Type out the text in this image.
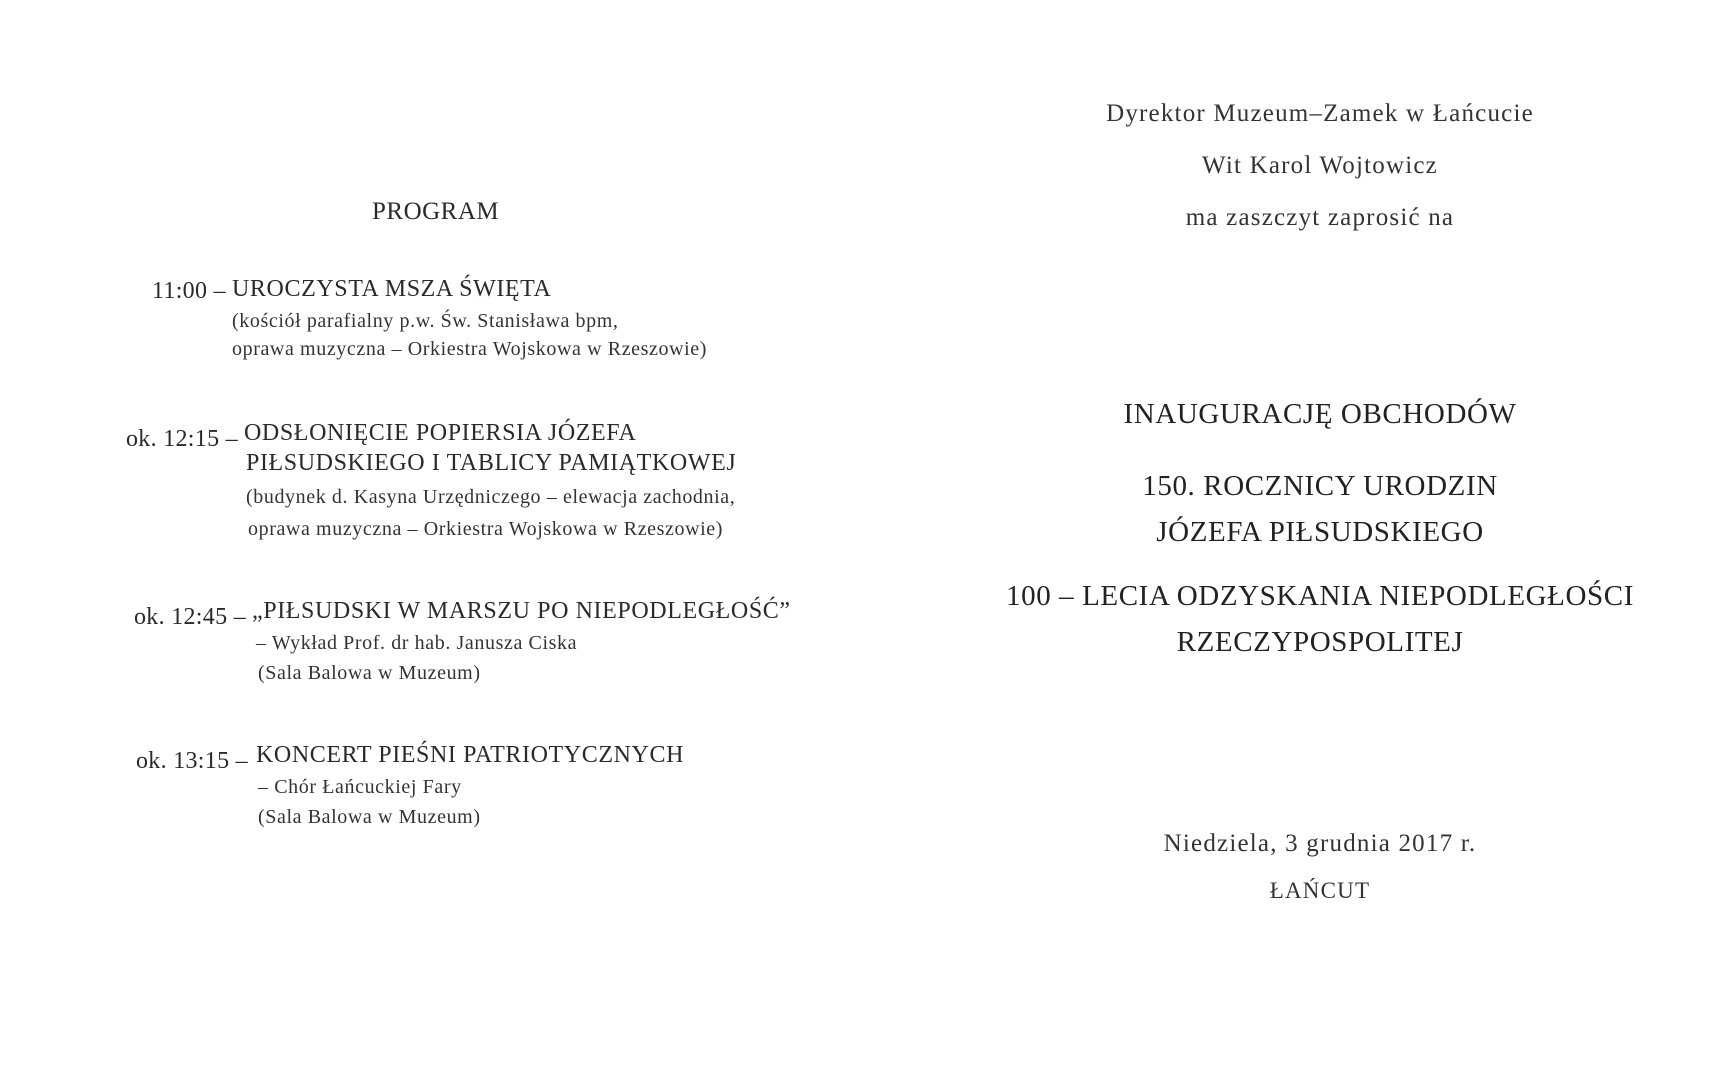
PROGRAM
11:00 – UROCZYSTA MSZA ŚWIĘTA
(kościół parafialny p.w. Św. Stanisława bpm,
oprawa muzyczna – Orkiestra Wojskowa w Rzeszowie)
ok. 12:15 – ODSŁONIĘCIE POPIERSIA JÓZEFA
PIŁSUDSKIEGO I TABLICY PAMIĄTKOWEJ
(budynek d. Kasyna Urzędniczego – elewacja zachodnia,
oprawa muzyczna – Orkiestra Wojskowa w Rzeszowie)
ok. 12:45 – „PIŁSUDSKI W MARSZU PO NIEPODLEGŁOŚĆ”
– Wykład Prof. dr hab. Janusza Ciska
(Sala Balowa w Muzeum)
ok. 13:15 – KONCERT PIEŚNI PATRIOTYCZNYCH
– Chór Łańcuckiej Fary
(Sala Balowa w Muzeum)
Dyrektor Muzeum–Zamek w Łańcucie
Wit Karol Wojtowicz
ma zaszczyt zaprosić na
INAUGURACJĘ OBCHODÓW
150. ROCZNICY URODZIN
JÓZEFA PIŁSUDSKIEGO
100 – LECIA ODZYSKANIA NIEPODLEGŁOŚCI
RZECZYPOSPOLITEJ
Niedziela, 3 grudnia 2017 r.
ŁAŃCUT
